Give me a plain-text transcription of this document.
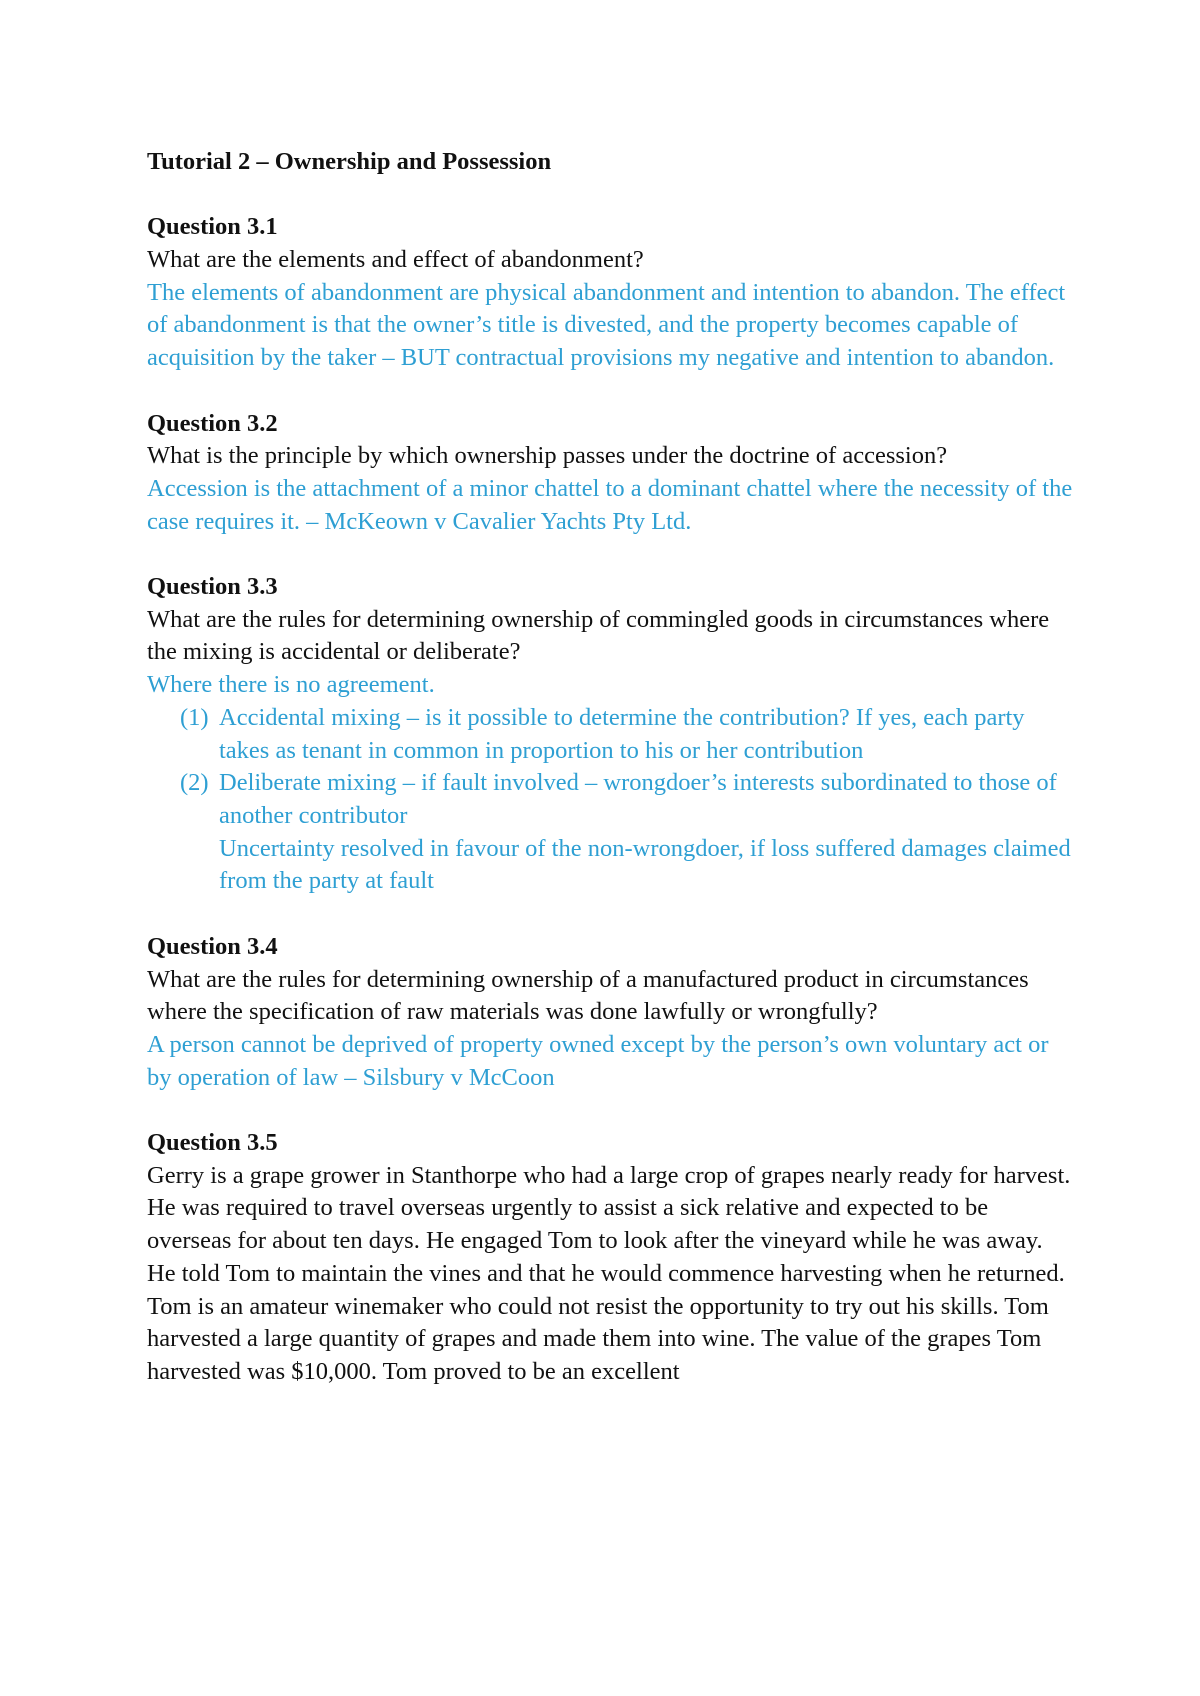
Tutorial 2 – Ownership and Possession

Question 3.1

What are the elements and effect of abandonment?

The elements of abandonment are physical abandonment and intention to abandon. The effect of abandonment is that the owner’s title is divested, and the property becomes capable of acquisition by the taker – BUT contractual provisions my negative and intention to abandon.

Question 3.2

What is the principle by which ownership passes under the doctrine of accession?

Accession is the attachment of a minor chattel to a dominant chattel where the necessity of the case requires it. – McKeown v Cavalier Yachts Pty Ltd.

Question 3.3

What are the rules for determining ownership of commingled goods in circumstances where the mixing is accidental or deliberate?

Where there is no agreement.

(1) Accidental mixing – is it possible to determine the contribution? If yes, each party takes as tenant in common in proportion to his or her contribution
(2) Deliberate mixing – if fault involved – wrongdoer’s interests subordinated to those of another contributor

Uncertainty resolved in favour of the non-wrongdoer, if loss suffered damages claimed from the party at fault

Question 3.4

What are the rules for determining ownership of a manufactured product in circumstances where the specification of raw materials was done lawfully or wrongfully?

A person cannot be deprived of property owned except by the person’s own voluntary act or by operation of law – Silsbury v McCoon

Question 3.5

Gerry is a grape grower in Stanthorpe who had a large crop of grapes nearly ready for harvest. He was required to travel overseas urgently to assist a sick relative and expected to be overseas for about ten days. He engaged Tom to look after the vineyard while he was away. He told Tom to maintain the vines and that he would commence harvesting when he returned.

Tom is an amateur winemaker who could not resist the opportunity to try out his skills. Tom harvested a large quantity of grapes and made them into wine. The value of the grapes Tom harvested was $10,000. Tom proved to be an excellent
